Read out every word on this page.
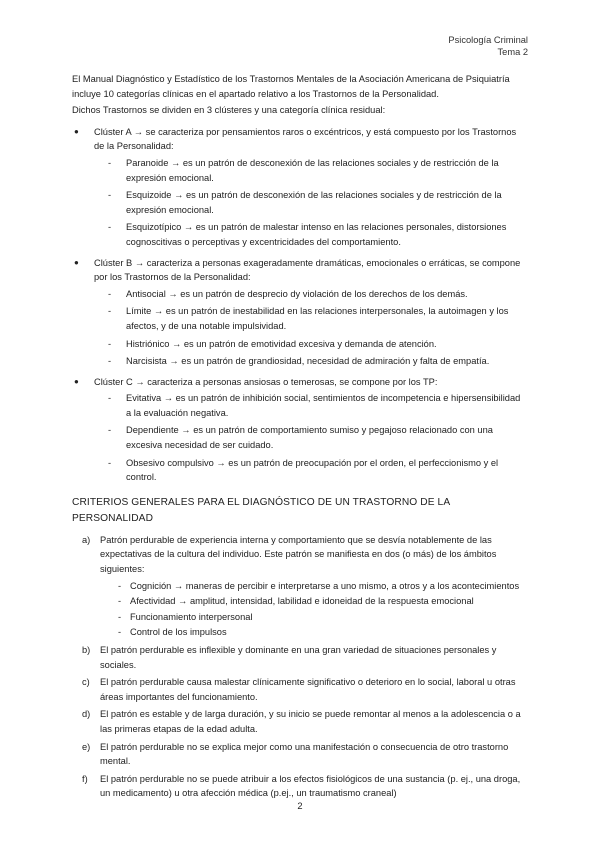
Psicología Criminal
Tema 2

El Manual Diagnóstico y Estadístico de los Trastornos Mentales de la Asociación Americana de Psiquiatría incluye 10 categorías clínicas en el apartado relativo a los Trastornos de la Personalidad.

Dichos Trastornos se dividen en 3 clústeres y una categoría clínica residual:

● Clúster A → se caracteriza por pensamientos raros o excéntricos, y está compuesto por los Trastornos de la Personalidad:
- Paranoide → es un patrón de desconexión de las relaciones sociales y de restricción de la expresión emocional.
- Esquizoide → es un patrón de desconexión de las relaciones sociales y de restricción de la expresión emocional.
- Esquizotípico → es un patrón de malestar intenso en las relaciones personales, distorsiones cognoscitivas o perceptivas y excentricidades del comportamiento.
● Clúster B → caracteriza a personas exageradamente dramáticas, emocionales o erráticas, se compone por los Trastornos de la Personalidad:
- Antisocial → es un patrón de desprecio dy violación de los derechos de los demás.
- Límite → es un patrón de inestabilidad en las relaciones interpersonales, la autoimagen y los afectos, y de una notable impulsividad.
- Histriónico → es un patrón de emotividad excesiva y demanda de atención.
- Narcisista → es un patrón de grandiosidad, necesidad de admiración y falta de empatía.
● Clúster C → caracteriza a personas ansiosas o temerosas, se compone por los TP:
- Evitativa → es un patrón de inhibición social, sentimientos de incompetencia e hipersensibilidad a la evaluación negativa.
- Dependiente → es un patrón de comportamiento sumiso y pegajoso relacionado con una excesiva necesidad de ser cuidado.
- Obsesivo compulsivo → es un patrón de preocupación por el orden, el perfeccionismo y el control.
CRITERIOS GENERALES PARA EL DIAGNÓSTICO DE UN TRASTORNO DE LA PERSONALIDAD
a) Patrón perdurable de experiencia interna y comportamiento que se desvía notablemente de las expectativas de la cultura del individuo. Este patrón se manifiesta en dos (o más) de los ámbitos siguientes:
- Cognición → maneras de percibir e interpretarse a uno mismo, a otros y a los acontecimientos
- Afectividad → amplitud, intensidad, labilidad e idoneidad de la respuesta emocional
- Funcionamiento interpersonal
- Control de los impulsos
b) El patrón perdurable es inflexible y dominante en una gran variedad de situaciones personales y sociales.
c) El patrón perdurable causa malestar clínicamente significativo o deterioro en lo social, laboral u otras áreas importantes del funcionamiento.
d) El patrón es estable y de larga duración, y su inicio se puede remontar al menos a la adolescencia o a las primeras etapas de la edad adulta.
e) El patrón perdurable no se explica mejor como una manifestación o consecuencia de otro trastorno mental.
f) El patrón perdurable no se puede atribuir a los efectos fisiológicos de una sustancia (p. ej., una droga, un medicamento) u otra afección médica (p.ej., un traumatismo craneal)
2
